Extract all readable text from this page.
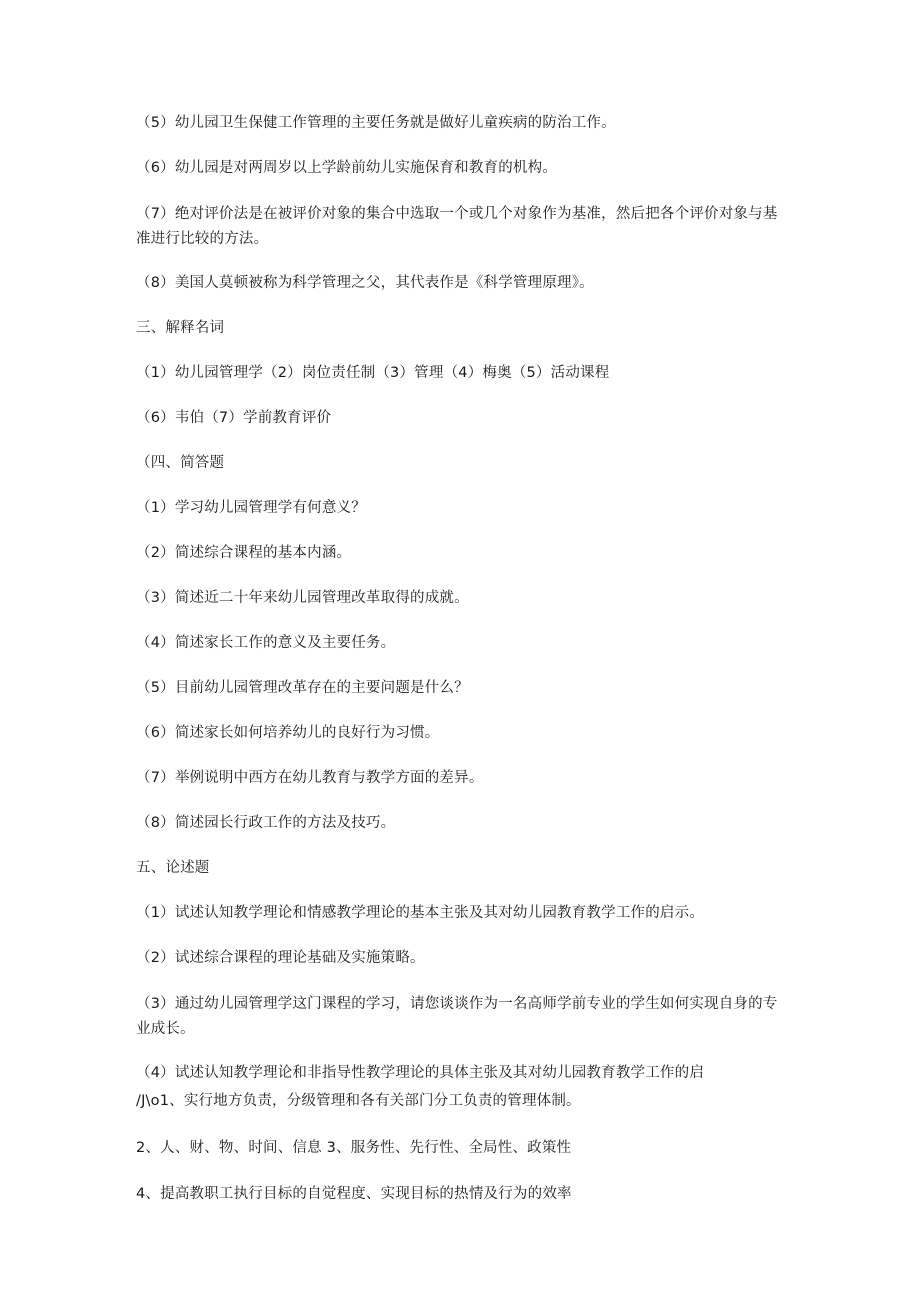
（5）幼儿园卫生保健工作管理的主要任务就是做好儿童疾病的防治工作。
（6）幼儿园是对两周岁以上学龄前幼儿实施保育和教育的机构。
（7）绝对评价法是在被评价对象的集合中选取一个或几个对象作为基准，然后把各个评价对象与基准进行比较的方法。
（8）美国人莫顿被称为科学管理之父，其代表作是《科学管理原理》。
三、解释名词
（1）幼儿园管理学（2）岗位责任制（3）管理（4）梅奥（5）活动课程
（6）韦伯（7）学前教育评价
（四、简答题
（1）学习幼儿园管理学有何意义？
（2）简述综合课程的基本内涵。
（3）简述近二十年来幼儿园管理改革取得的成就。
（4）简述家长工作的意义及主要任务。
（5）目前幼儿园管理改革存在的主要问题是什么？
（6）简述家长如何培养幼儿的良好行为习惯。
（7）举例说明中西方在幼儿教育与教学方面的差异。
（8）简述园长行政工作的方法及技巧。
五、论述题
（1）试述认知教学理论和情感教学理论的基本主张及其对幼儿园教育教学工作的启示。
（2）试述综合课程的理论基础及实施策略。
（3）通过幼儿园管理学这门课程的学习，请您谈谈作为一名高师学前专业的学生如何实现自身的专业成长。
（4）试述认知教学理论和非指导性教学理论的具体主张及其对幼儿园教育教学工作的启
/J\o1、实行地方负责，分级管理和各有关部门分工负责的管理体制。
2、人、财、物、时间、信息 3、服务性、先行性、全局性、政策性
4、提高教职工执行目标的自觉程度、实现目标的热情及行为的效率
